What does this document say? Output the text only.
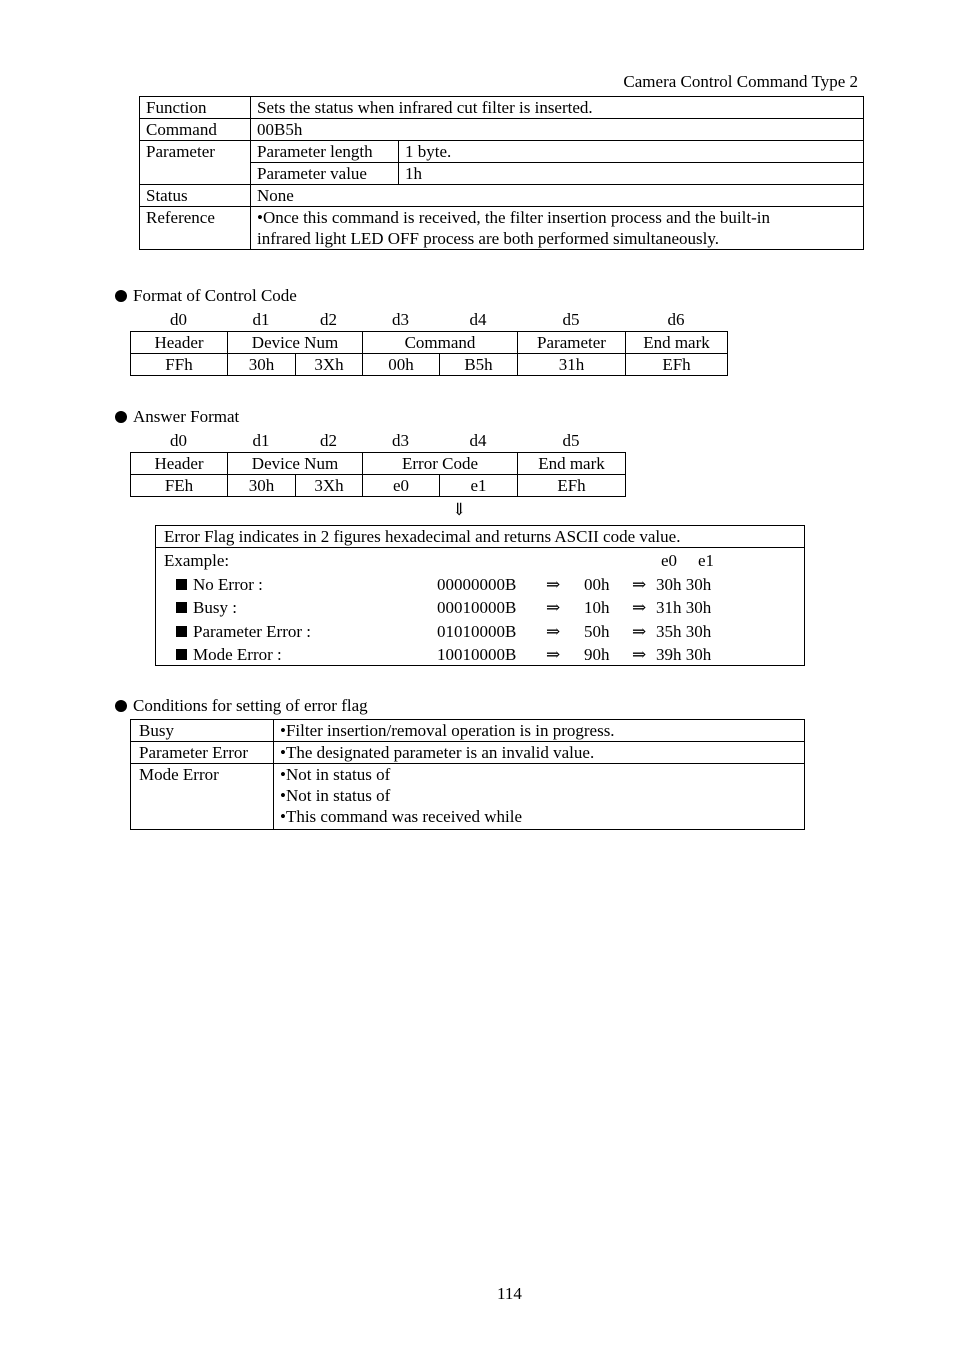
Camera Control Command Type 2
Function	Sets the status when infrared cut filter is inserted.	
Command	00B5h	
Parameter	Parameter length	1 byte.
	Parameter value	1h
Status	None	
Reference	•Once this command is received, the filter insertion process and the built-in
infrared light LED OFF process are both performed simultaneously.	
Format of Control Code
d0	d1	d2	d3	d4	d5	d6
Header	Device Num		Command		Parameter	End mark
FFh	30h	3Xh	00h	B5h	31h	EFh
Answer Format
d0	d1	d2	d3	d4	d5
Header	Device Num		Error Code		End mark
FEh	30h	3Xh	e0	e1	EFh
⇓
Error Flag indicates in 2 figures hexadecimal and returns ASCII code value.
Example:	e0 e1
No Error :	00000000B ⇒ 00h ⇒ 30h 30h
Busy :	00010000B ⇒ 10h ⇒ 31h 30h
Parameter Error :	01010000B ⇒ 50h ⇒ 35h 30h
Mode Error :	10010000B ⇒ 90h ⇒ 39h 30h
Conditions for setting of error flag
Busy	•Filter insertion/removal operation is in progress.
Parameter Error	•The designated parameter is an invalid value.
Mode Error	•Not in status of
•Not in status of
•This command was received while
114
